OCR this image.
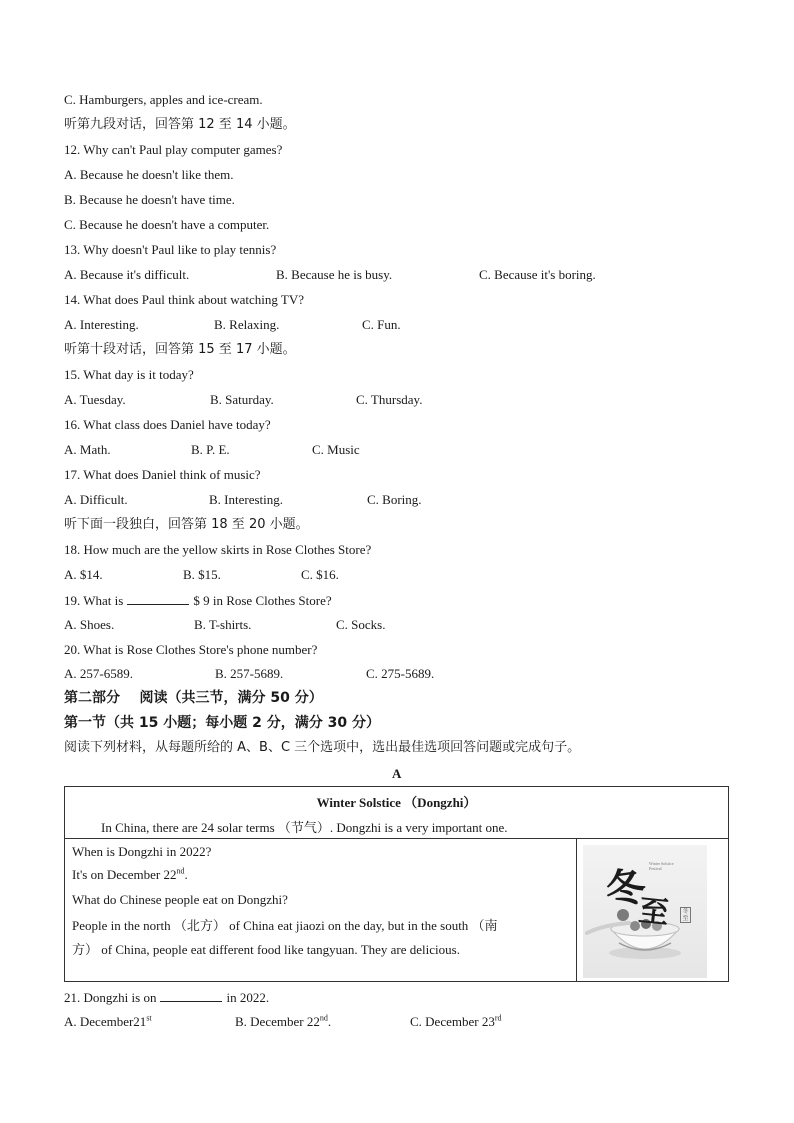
C. Hamburgers, apples and ice-cream.
听第九段对话，回答第 12 至 14 小题。
12. Why can't Paul play computer games?
A. Because he doesn't like them.
B. Because he doesn't have time.
C. Because he doesn't have a computer.
13. Why doesn't Paul like to play tennis?
A. Because it's difficult.	B. Because he is busy.	C. Because it's boring.
14. What does Paul think about watching TV?
A. Interesting.	B. Relaxing.	C. Fun.
听第十段对话，回答第 15 至 17 小题。
15. What day is it today?
A. Tuesday.	B. Saturday.	C. Thursday.
16. What class does Daniel have today?
A. Math.	B. P. E.	C. Music
17. What does Daniel think of music?
A. Difficult.	B. Interesting.	C. Boring.
听下面一段独白，回答第 18 至 20 小题。
18. How much are the yellow skirts in Rose Clothes Store?
A. $14.	B. $15.	C. $16.
19. What is	$ 9 in Rose Clothes Store?
A. Shoes.	B. T-shirts.	C. Socks.
20. What is Rose Clothes Store's phone number?
A. 257-6589.	B. 257-5689.	C. 275-5689.
第二部分    阅读（共三节，满分 50 分）
第一节（共 15 小题；每小题 2 分，满分 30 分）
阅读下列材料，从每题所给的 A、B、C 三个选项中，选出最佳选项回答问题或完成句子。
A
Winter Solstice （Dongzhi）
In China, there are 24 solar terms （节气）. Dongzhi is a very important one.
When is Dongzhi in 2022?
It's on December 22nd.
What do Chinese people eat on Dongzhi?
People in the north （北方） of China eat jiaozi on the day, but in the south （南
方） of China, people eat different food like tangyuan. They are delicious.
冬
至
Winter Solstice Festival
冬至
21. Dongzhi is on	in 2022.
A. December21st	B. December 22nd.	C. December 23rd
